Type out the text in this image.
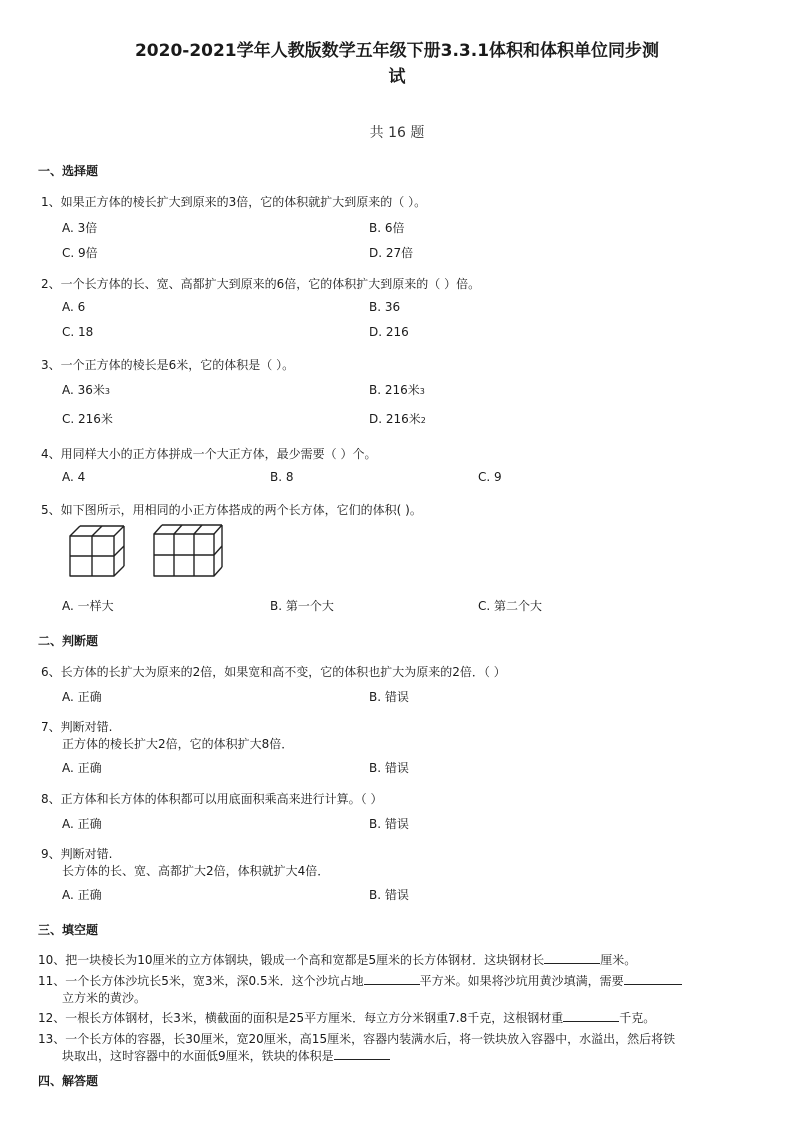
2020-2021学年人教版数学五年级下册3.3.1体积和体积单位同步测
试
共 16 题
一、选择题
1、如果正方体的棱长扩大到原来的3倍，它的体积就扩大到原来的（ ）。
A. 3倍	B. 6倍
C. 9倍	D. 27倍
2、一个长方体的长、宽、高都扩大到原来的6倍，它的体积扩大到原来的（ ）倍。
A. 6	B. 36
C. 18	D. 216
3、一个正方体的棱长是6米，它的体积是（ ）。
A. 36米3	B. 216米3
C. 216米	D. 216米2
4、用同样大小的正方体拼成一个大正方体，最少需要（ ）个。
A. 4	B. 8	C. 9
5、如下图所示，用相同的小正方体搭成的两个长方体，它们的体积( )。
A. 一样大	B. 第一个大	C. 第二个大
二、判断题
6、长方体的长扩大为原来的2倍，如果宽和高不变，它的体积也扩大为原来的2倍．（ ）
A. 正确	B. 错误
7、判断对错.
正方体的棱长扩大2倍，它的体积扩大8倍．
A. 正确	B. 错误
8、正方体和长方体的体积都可以用底面积乘高来进行计算。（ ）
A. 正确	B. 错误
9、判断对错.
长方体的长、宽、高都扩大2倍，体积就扩大4倍．
A. 正确	B. 错误
三、填空题
10、把一块棱长为10厘米的立方体钢块，锻成一个高和宽都是5厘米的长方体钢材．这块钢材长	厘米。
11、一个长方体沙坑长5米，宽3米，深0.5米．这个沙坑占地	平方米。如果将沙坑用黄沙填满，需要
立方米的黄沙。
12、一根长方体钢材，长3米，横截面的面积是25平方厘米．每立方分米钢重7.8千克，这根钢材重	千克。
13、一个长方体的容器，长30厘米，宽20厘米，高15厘米，容器内装满水后，将一铁块放入容器中，水溢出，然后将铁
块取出，这时容器中的水面低9厘米，铁块的体积是
四、解答题
